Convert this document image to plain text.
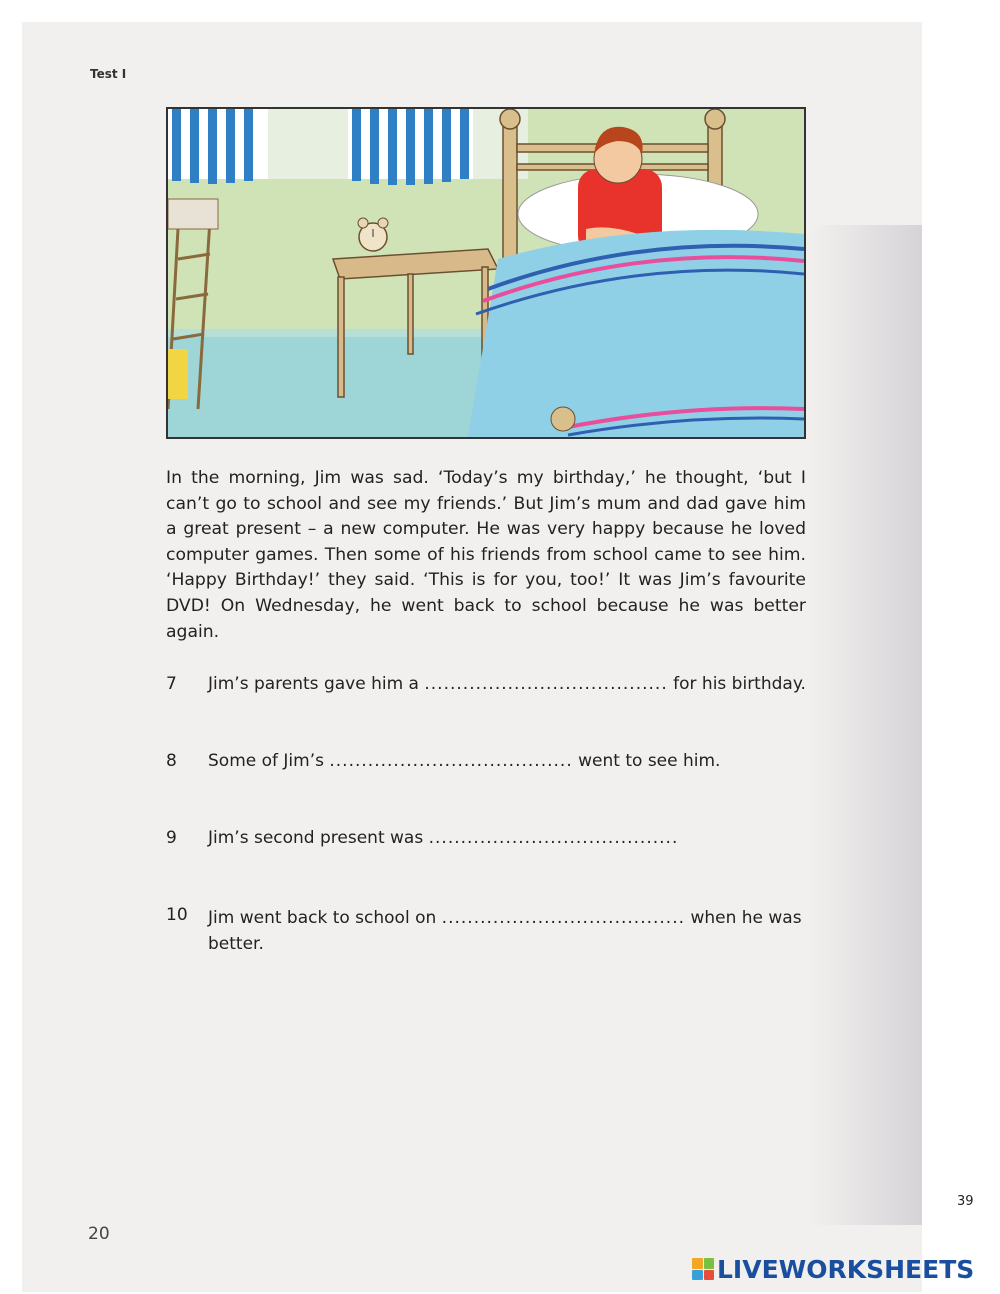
Test I
In the morning, Jim was sad. ‘Today’s my birthday,’ he thought, ‘but I can’t go to school and see my friends.’ But Jim’s mum and dad gave him a great present – a new computer. He was very happy because he loved computer games. Then some of his friends from school came to see him. ‘Happy Birthday!’ they said. ‘This is for you, too!’ It was Jim’s favourite DVD! On Wednesday, he went back to school because he was better again.
7 Jim’s parents gave him a ...................................... for his birthday.
8 Some of Jim’s ...................................... went to see him.
9 Jim’s second present was .......................................
10 Jim went back to school on ...................................... when he was better.
20
39
LIVEWORKSHEETS
